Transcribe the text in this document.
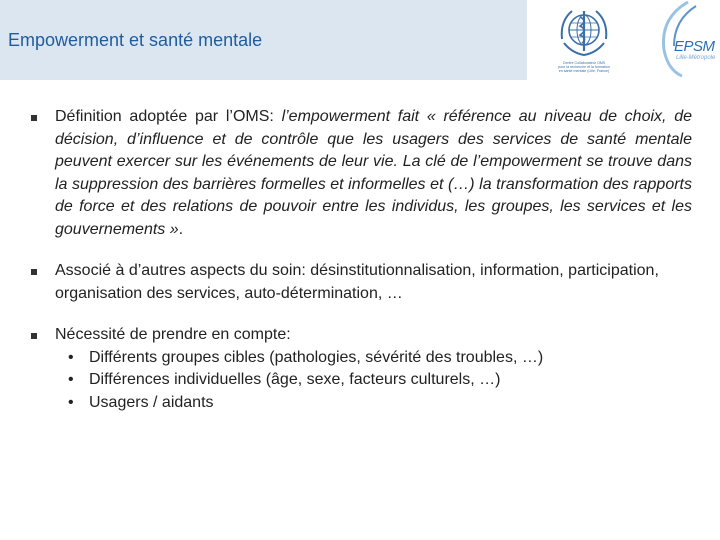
Empowerment et santé mentale
Centre Collaborateur OMS
pour la recherche et la formation
en santé mentale (Lille, France)
EPSM
Lille-Métropole
Définition adoptée par l’OMS: l’empowerment fait « référence au niveau de choix, de décision, d’influence et de contrôle que les usagers des services de santé mentale peuvent exercer sur les événements de leur vie. La clé de l’empowerment se trouve dans la suppression des barrières formelles et informelles et (…) la transformation des rapports de force et des relations de pouvoir entre les individus, les groupes, les services et les gouvernements ».
Associé à d’autres aspects du soin: désinstitutionnalisation, information, participation, organisation des services, auto-détermination, …
Nécessité de prendre en compte:
• Différents groupes cibles (pathologies, sévérité des troubles, …)
• Différences individuelles (âge, sexe, facteurs culturels, …)
• Usagers / aidants
